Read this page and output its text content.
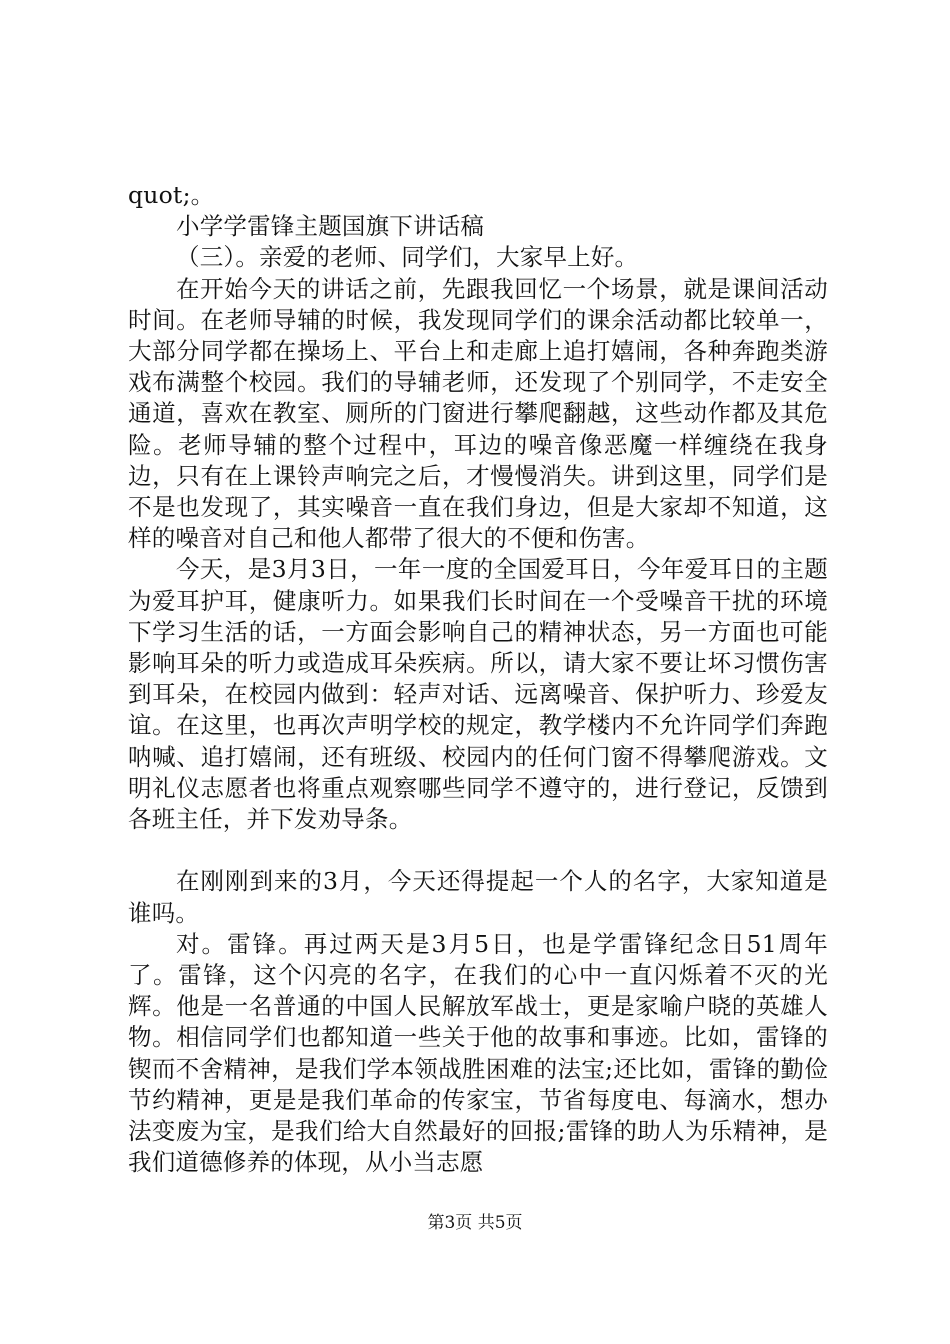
quot;。

小学学雷锋主题国旗下讲话稿

（三）。亲爱的老师、同学们，大家早上好。

在开始今天的讲话之前，先跟我回忆一个场景，就是课间活动时间。在老师导辅的时候，我发现同学们的课余活动都比较单一，大部分同学都在操场上、平台上和走廊上追打嬉闹，各种奔跑类游戏布满整个校园。我们的导辅老师，还发现了个别同学，不走安全通道，喜欢在教室、厕所的门窗进行攀爬翻越，这些动作都及其危险。老师导辅的整个过程中，耳边的噪音像恶魔一样缠绕在我身边，只有在上课铃声响完之后，才慢慢消失。讲到这里，同学们是不是也发现了，其实噪音一直在我们身边，但是大家却不知道，这样的噪音对自己和他人都带了很大的不便和伤害。

今天，是3月3日，一年一度的全国爱耳日，今年爱耳日的主题为爱耳护耳，健康听力。如果我们长时间在一个受噪音干扰的环境下学习生活的话，一方面会影响自己的精神状态，另一方面也可能影响耳朵的听力或造成耳朵疾病。所以，请大家不要让坏习惯伤害到耳朵，在校园内做到：轻声对话、远离噪音、保护听力、珍爱友谊。在这里，也再次声明学校的规定，教学楼内不允许同学们奔跑呐喊、追打嬉闹，还有班级、校园内的任何门窗不得攀爬游戏。文明礼仪志愿者也将重点观察哪些同学不遵守的，进行登记，反馈到各班主任，并下发劝导条。

在刚刚到来的3月，今天还得提起一个人的名字，大家知道是谁吗。

对。雷锋。再过两天是3月5日，也是学雷锋纪念日51周年了。雷锋，这个闪亮的名字，在我们的心中一直闪烁着不灭的光辉。他是一名普通的中国人民解放军战士，更是家喻户晓的英雄人物。相信同学们也都知道一些关于他的故事和事迹。比如，雷锋的锲而不舍精神，是我们学本领战胜困难的法宝;还比如，雷锋的勤俭节约精神，更是是我们革命的传家宝，节省每度电、每滴水，想办法变废为宝，是我们给大自然最好的回报;雷锋的助人为乐精神，是我们道德修养的体现，从小当志愿

第3页 共5页
